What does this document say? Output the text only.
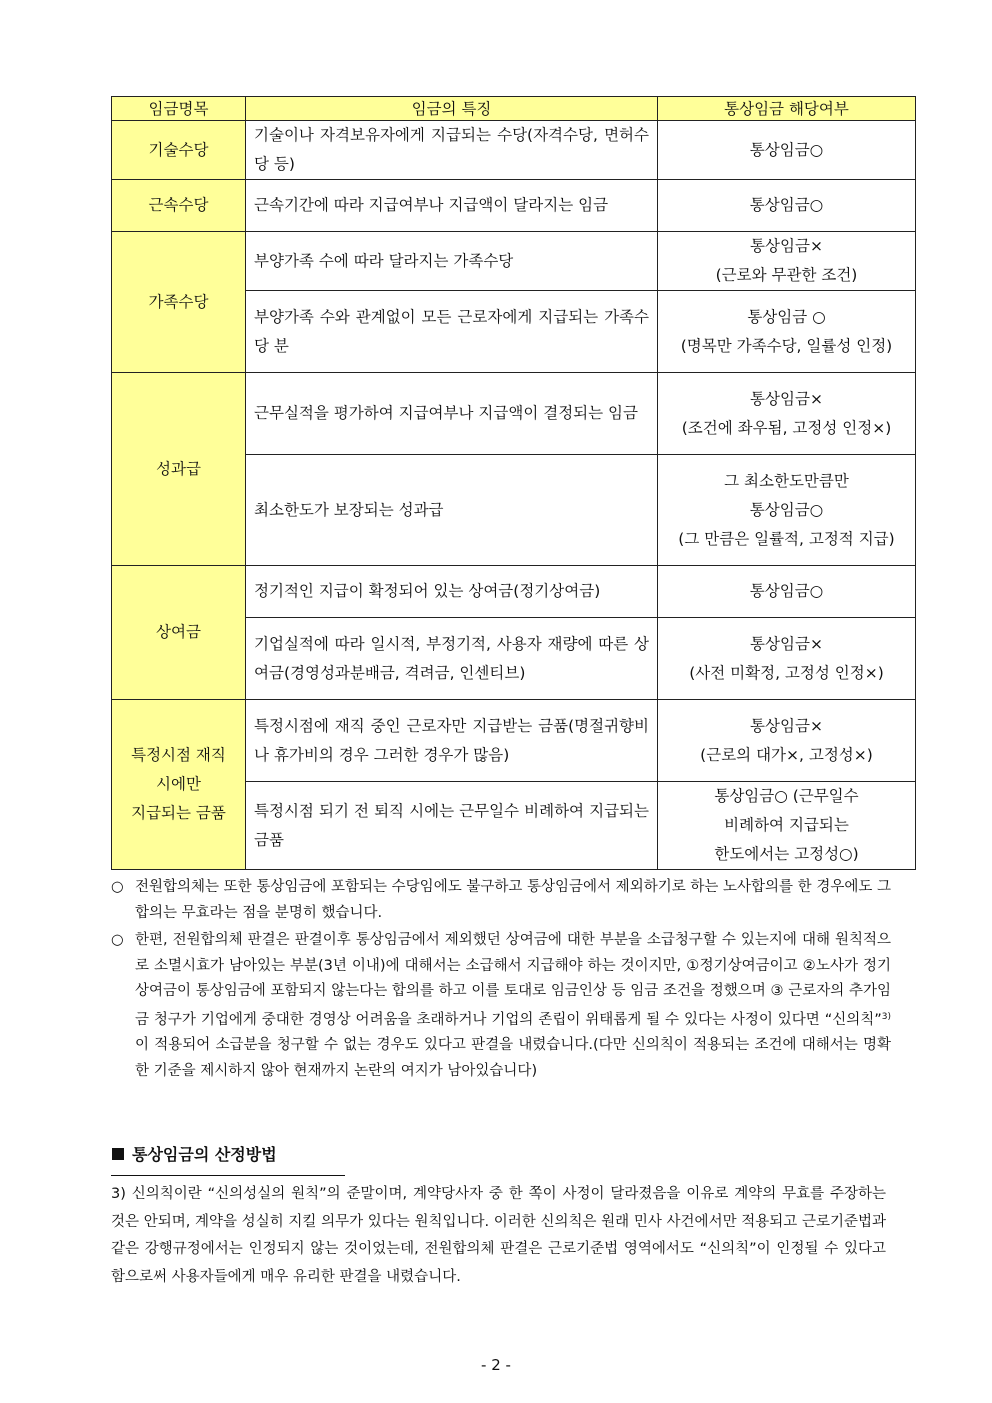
임금명목	임금의 특징	통상임금 해당여부
기술수당	기술이나 자격보유자에게 지급되는 수당(자격수당, 면허수당 등)	통상임금○
근속수당	근속기간에 따라 지급여부나 지급액이 달라지는 임금	통상임금○
가족수당	부양가족 수에 따라 달라지는 가족수당	통상임금×
(근로와 무관한 조건)
	부양가족 수와 관계없이 모든 근로자에게 지급되는 가족수당 분	통상임금 ○
(명목만 가족수당, 일률성 인정)
성과급	근무실적을 평가하여 지급여부나 지급액이 결정되는 임금	통상임금×
(조건에 좌우됨, 고정성 인정×)
	최소한도가 보장되는 성과급	그 최소한도만큼만
통상임금○
(그 만큼은 일률적, 고정적 지급)
상여금	정기적인 지급이 확정되어 있는 상여금(정기상여금)	통상임금○
	기업실적에 따라 일시적, 부정기적, 사용자 재량에 따른 상여금(경영성과분배금, 격려금, 인센티브)	통상임금×
(사전 미확정, 고정성 인정×)
특정시점 재직
시에만
지급되는 금품	특정시점에 재직 중인 근로자만 지급받는 금품(명절귀향비나 휴가비의 경우 그러한 경우가 많음)	통상임금×
(근로의 대가×, 고정성×)
	특정시점 되기 전 퇴직 시에는 근무일수 비례하여 지급되는 금품	통상임금○ (근무일수
비례하여 지급되는
한도에서는 고정성○)
○ 전원합의체는 또한 통상임금에 포함되는 수당임에도 불구하고 통상임금에서 제외하기로 하는 노사합의를 한 경우에도 그 합의는 무효라는 점을 분명히 했습니다.
○ 한편, 전원합의체 판결은 판결이후 통상임금에서 제외했던 상여금에 대한 부분을 소급청구할 수 있는지에 대해 원칙적으로 소멸시효가 남아있는 부분(3년 이내)에 대해서는 소급해서 지급해야 하는 것이지만, ①정기상여금이고 ②노사가 정기상여금이 통상임금에 포함되지 않는다는 합의를 하고 이를 토대로 임금인상 등 임금 조건을 정했으며 ③ 근로자의 추가임금 청구가 기업에게 중대한 경영상 어려움을 초래하거나 기업의 존립이 위태롭게 될 수 있다는 사정이 있다면 “신의칙”$^{3)}$이 적용되어 소급분을 청구할 수 없는 경우도 있다고 판결을 내렸습니다.(다만 신의칙이 적용되는 조건에 대해서는 명확한 기준을 제시하지 않아 현재까지 논란의 여지가 남아있습니다)
통상임금의 산정방법
3) 신의칙이란 “신의성실의 원칙”의 준말이며, 계약당사자 중 한 쪽이 사정이 달라졌음을 이유로 계약의 무효를 주장하는 것은 안되며, 계약을 성실히 지킬 의무가 있다는 원칙입니다. 이러한 신의칙은 원래 민사 사건에서만 적용되고 근로기준법과 같은 강행규정에서는 인정되지 않는 것이었는데, 전원합의체 판결은 근로기준법 영역에서도 “신의칙”이 인정될 수 있다고 함으로써 사용자들에게 매우 유리한 판결을 내렸습니다.
- 2 -
